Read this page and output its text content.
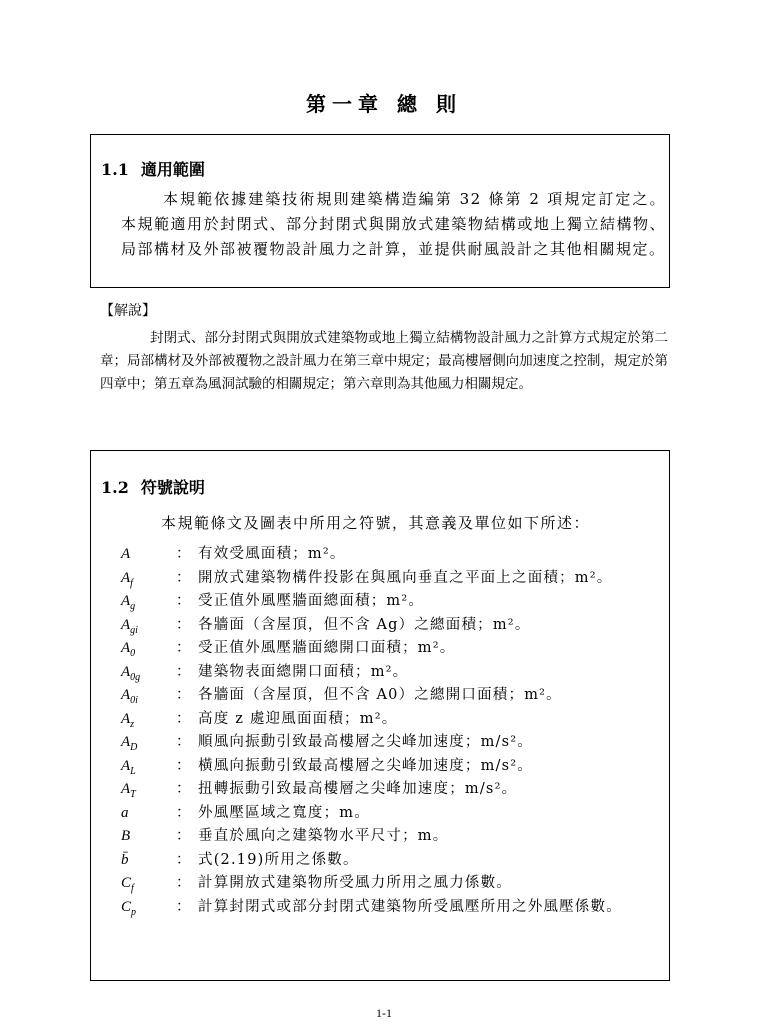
第一章 總 則
1.1 適用範圍
本規範依據建築技術規則建築構造編第 32 條第 2 項規定訂定之。本規範適用於封閉式、部分封閉式與開放式建築物結構或地上獨立結構物、局部構材及外部被覆物設計風力之計算，並提供耐風設計之其他相關規定。
【解說】
封閉式、部分封閉式與開放式建築物或地上獨立結構物設計風力之計算方式規定於第二章；局部構材及外部被覆物之設計風力在第三章中規定；最高樓層側向加速度之控制，規定於第四章中；第五章為風洞試驗的相關規定；第六章則為其他風力相關規定。
1.2 符號說明
本規範條文及圖表中所用之符號，其意義及單位如下所述：
A	： 有效受風面積；m²。
$A_f$	： 開放式建築物構件投影在與風向垂直之平面上之面積；m²。
$A_g$	： 受正值外風壓牆面總面積；m²。
$A_{gi}$	： 各牆面（含屋頂，但不含 Ag）之總面積；m²。
$A_0$	： 受正值外風壓牆面總開口面積；m²。
$A_{0g}$	： 建築物表面總開口面積；m²。
$A_{0i}$	： 各牆面（含屋頂，但不含 A0）之總開口面積；m²。
$A_z$	： 高度 z 處迎風面面積；m²。
$A_D$	： 順風向振動引致最高樓層之尖峰加速度；m/s²。
$A_L$	： 橫風向振動引致最高樓層之尖峰加速度；m/s²。
$A_T$	： 扭轉振動引致最高樓層之尖峰加速度；m/s²。
a	： 外風壓區域之寬度；m。
B	： 垂直於風向之建築物水平尺寸；m。
b̄	： 式(2.19)所用之係數。
$C_f$	： 計算開放式建築物所受風力所用之風力係數。
$C_p$	： 計算封閉式或部分封閉式建築物所受風壓所用之外風壓係數。
1-1
